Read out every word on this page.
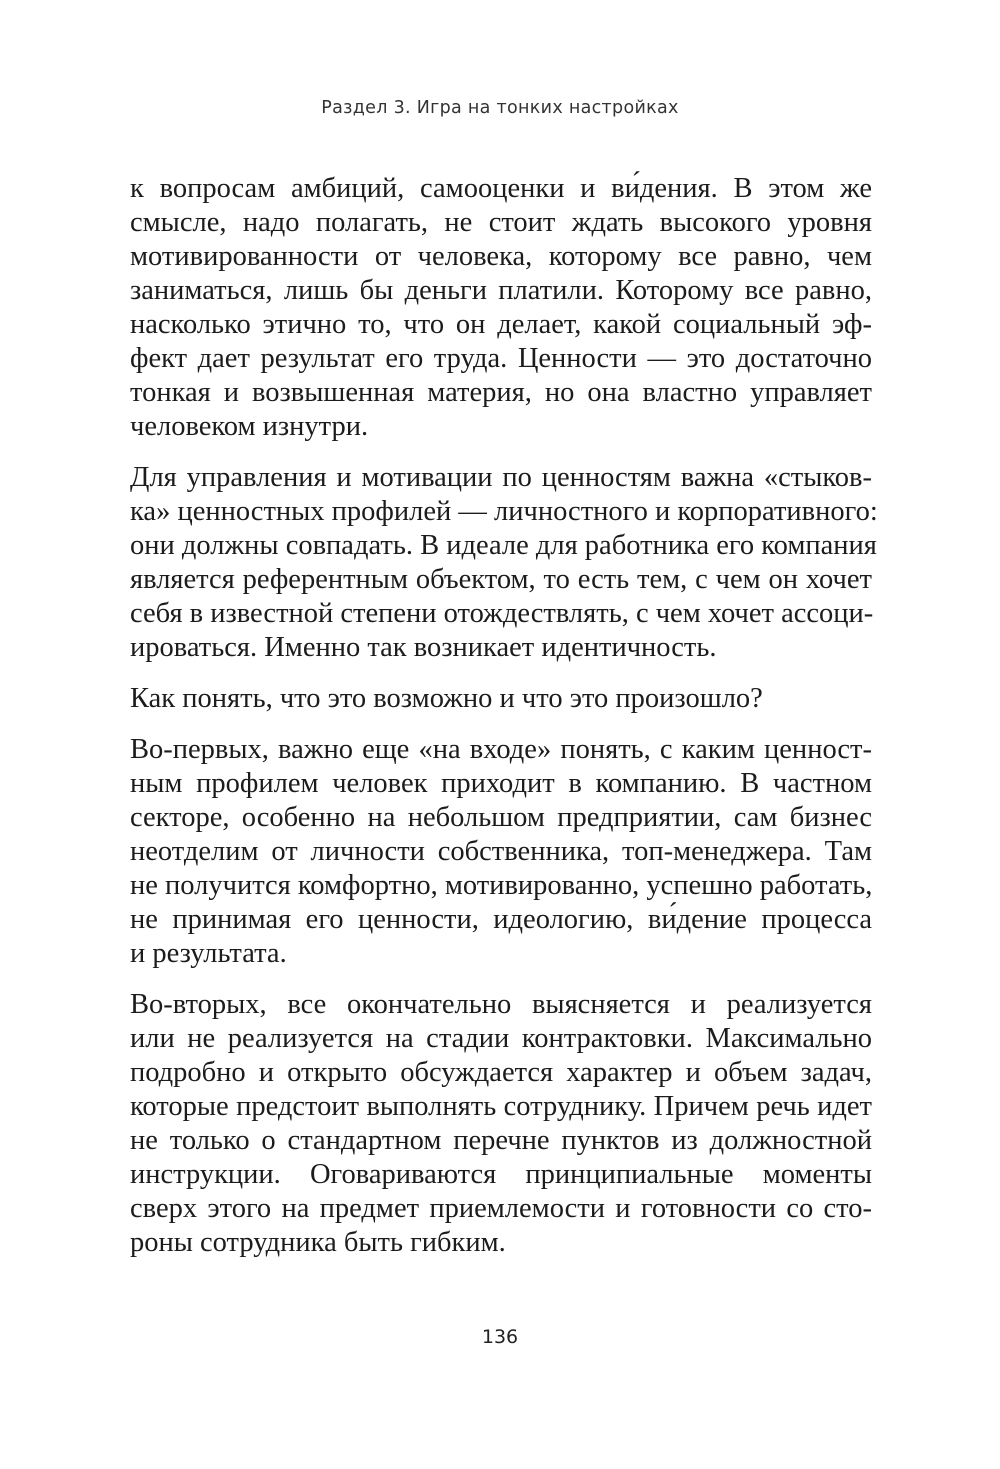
Раздел 3. Игра на тонких настройках
к вопросам амбиций, самооценки и ви́дения. В этом же
смысле, надо полагать, не стоит ждать высокого уровня
мотивированности от человека, которому все равно, чем
заниматься, лишь бы деньги платили. Которому все равно,
насколько этично то, что он делает, какой социальный эф-
фект дает результат его труда. Ценности — это достаточно
тонкая и возвышенная материя, но она властно управляет
человеком изнутри.
Для управления и мотивации по ценностям важна «стыков-
ка» ценностных профилей — личностного и корпоративного:
они должны совпадать. В идеале для работника его компания
является референтным объектом, то есть тем, с чем он хочет
себя в известной степени отождествлять, с чем хочет ассоци-
ироваться. Именно так возникает идентичность.
Как понять, что это возможно и что это произошло?
Во-первых, важно еще «на входе» понять, с каким ценност-
ным профилем человек приходит в компанию. В частном
секторе, особенно на небольшом предприятии, сам бизнес
неотделим от личности собственника, топ-менеджера. Там
не получится комфортно, мотивированно, успешно работать,
не принимая его ценности, идеологию, ви́дение процесса
и результата.
Во-вторых, все окончательно выясняется и реализуется
или не реализуется на стадии контрактовки. Максимально
подробно и открыто обсуждается характер и объем задач,
которые предстоит выполнять сотруднику. Причем речь идет
не только о стандартном перечне пунктов из должностной
инструкции. Оговариваются принципиальные моменты
сверх этого на предмет приемлемости и готовности со сто-
роны сотрудника быть гибким.
136
